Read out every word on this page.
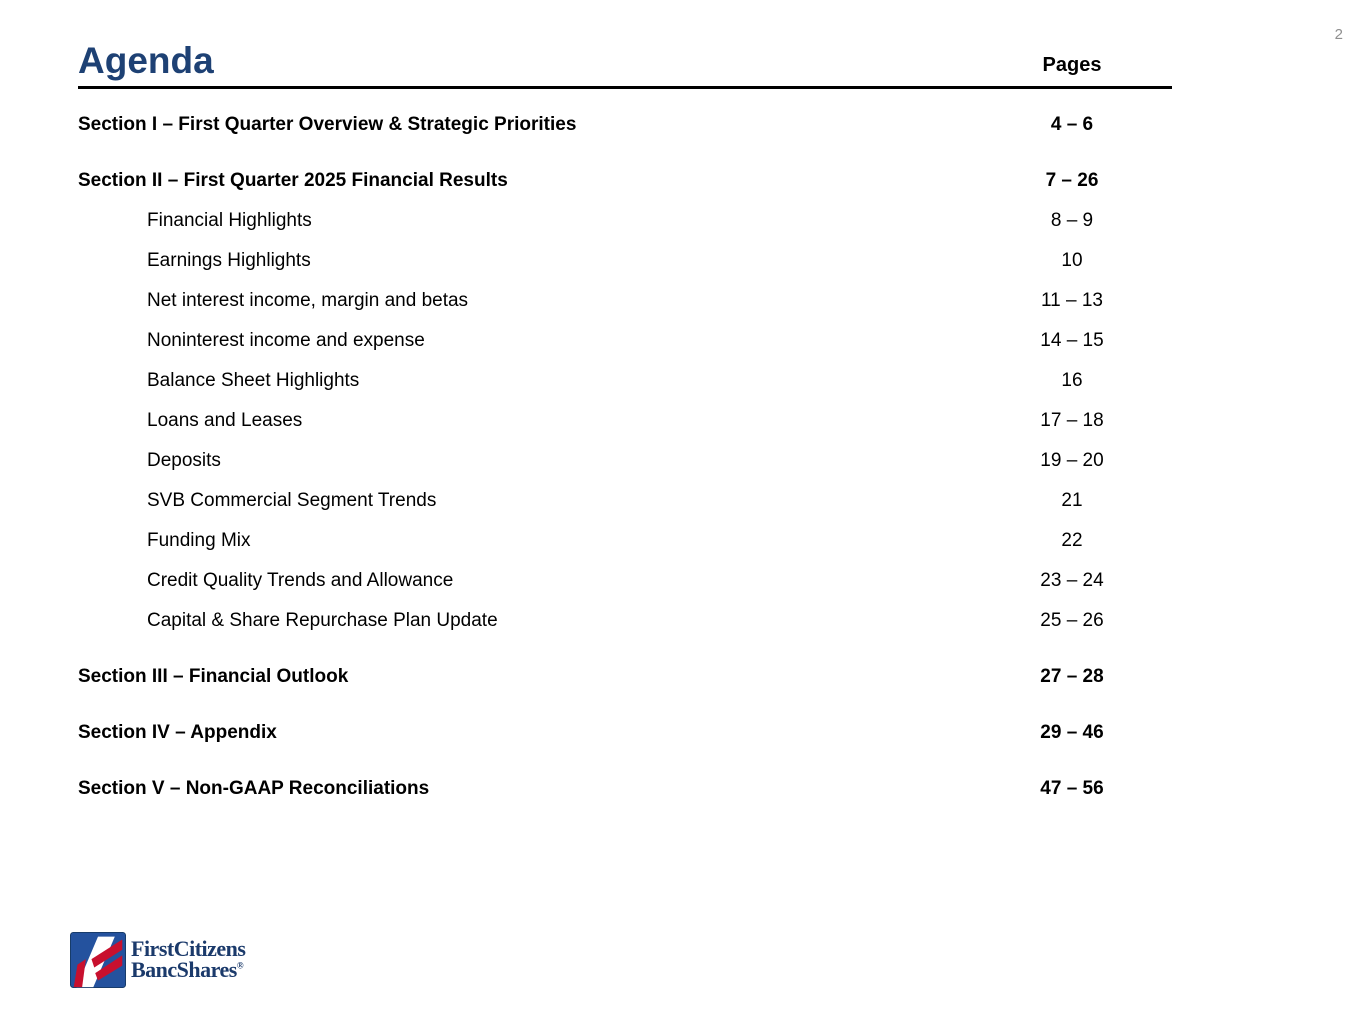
2
Agenda	Pages
Section I – First Quarter Overview & Strategic Priorities	4 – 6
Section II – First Quarter 2025 Financial Results	7 – 26
Financial Highlights	8 – 9
Earnings Highlights	10
Net interest income, margin and betas	11 – 13
Noninterest income and expense	14 – 15
Balance Sheet Highlights	16
Loans and Leases	17 – 18
Deposits	19 – 20
SVB Commercial Segment Trends	21
Funding Mix	22
Credit Quality Trends and Allowance	23 – 24
Capital & Share Repurchase Plan Update	25 – 26
Section III – Financial Outlook	27 – 28
Section IV – Appendix	29 – 46
Section V – Non-GAAP Reconciliations	47 – 56
FirstCitizens
BancShares®
